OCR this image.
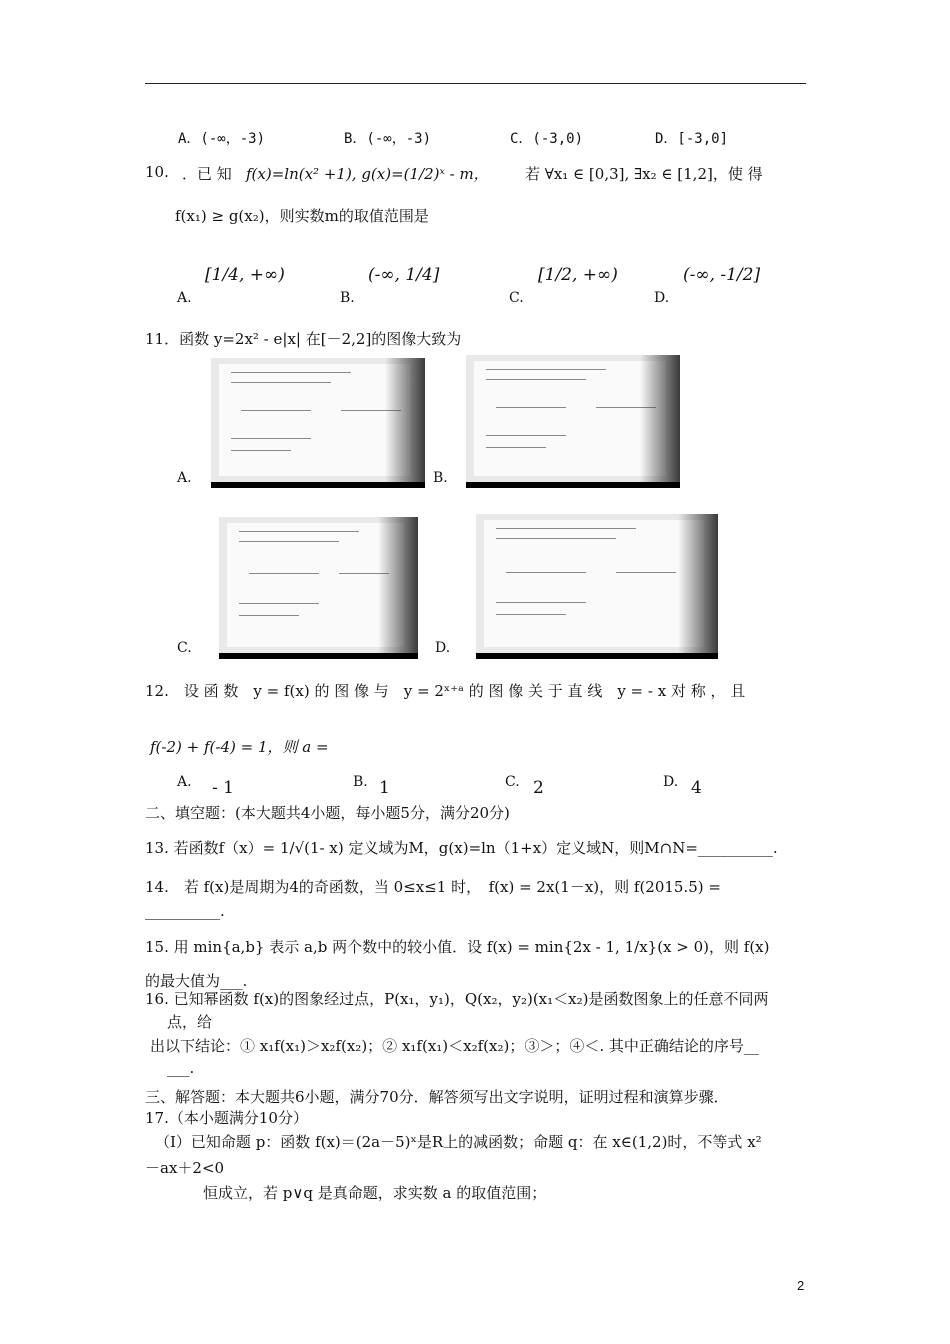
A．(-∞，-3)	B．(-∞，-3)	C．(-3,0)	D．[-3,0]
10. ．已 知 f(x)=ln(x² +1), g(x)=(1/2)ˣ - m， 若 ∀x₁ ∈ [0,3], ∃x₂ ∈ [1,2]，使 得
f(x₁) ≥ g(x₂)，则实数m的取值范围是
A.
[1/4, +∞)
B.
(-∞, 1/4]
C.
[1/2, +∞)
D.
(-∞, -1/2]
11．函数 y=2x² - e|x| 在[－2,2]的图像大致为
A.	B.
C.	D.
12.　设 函 数　y = f(x) 的 图 像 与　y = 2ˣ⁺ᵃ 的 图 像 关 于 直 线　y = - x 对 称 ， 且
f(-2) + f(-4) = 1，则 a =
A. - 1	B. 1	C. 2	D. 4
二、填空题：(本大题共4小题，每小题5分，满分20分)
13. 若函数f（x）= 1/√(1- x) 定义域为M，g(x)=ln（1+x）定义域N，则M∩N=__________.
14.　若 f(x)是周期为4的奇函数，当 0≤x≤1 时，　f(x) = 2x(1－x)，则 f(2015.5) =
__________.
15. 用 min{a,b} 表示 a,b 两个数中的较小值．设 f(x) = min{2x - 1, 1/x}(x > 0)，则 f(x)
的最大值为___.
16. 已知幂函数 f(x)的图象经过点，P(x₁，y₁)，Q(x₂，y₂)(x₁＜x₂)是函数图象上的任意不同两
点，给
出以下结论：① x₁f(x₁)＞x₂f(x₂)；② x₁f(x₁)＜x₂f(x₂)；③＞；④＜. 其中正确结论的序号__
___.
三、解答题：本大题共6小题，满分70分．解答须写出文字说明，证明过程和演算步骤．
17.（本小题满分10分）
（Ⅰ）已知命题 p：函数 f(x)＝(2a－5)ˣ是R上的减函数；命题 q：在 x∈(1,2)时，不等式 x²
－ax＋2<0
恒成立，若 p∨q 是真命题，求实数 a 的取值范围；
2
